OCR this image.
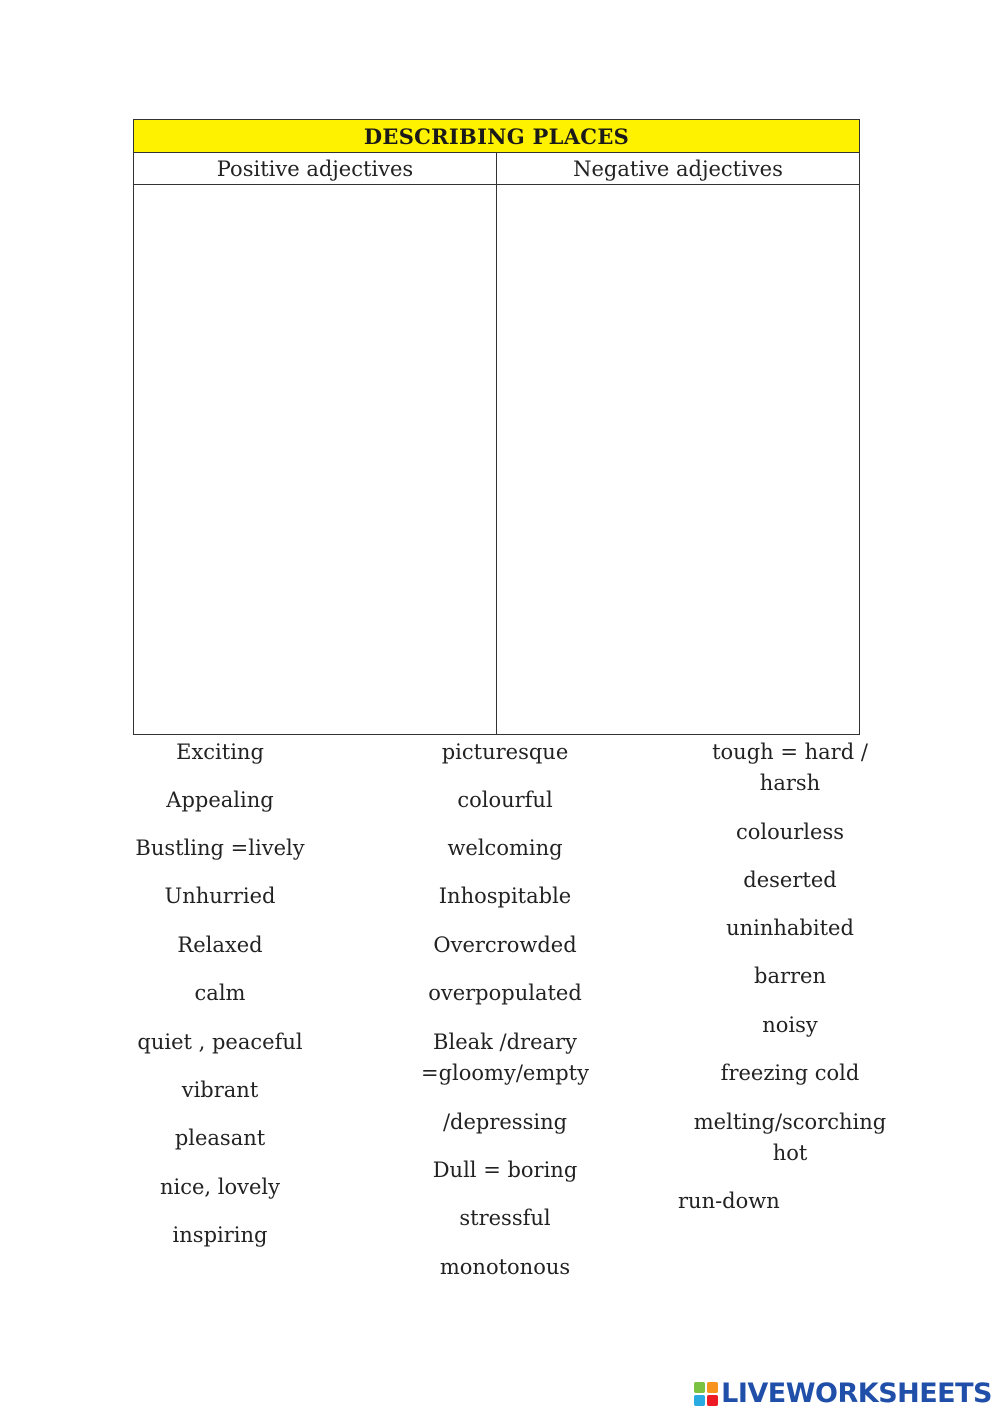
DESCRIBING PLACES	
Positive adjectives	Negative adjectives

Exciting
Appealing
Bustling =lively
Unhurried
Relaxed
calm
quiet , peaceful
vibrant
pleasant
nice, lovely
inspiring
picturesque
colourful
welcoming
Inhospitable
Overcrowded
overpopulated
Bleak /dreary =gloomy/empty
/depressing
Dull = boring
stressful
monotonous
tough = hard / harsh
colourless
deserted
uninhabited
barren
noisy
freezing cold
melting/scorching hot
run-down
LIVEWORKSHEETS
